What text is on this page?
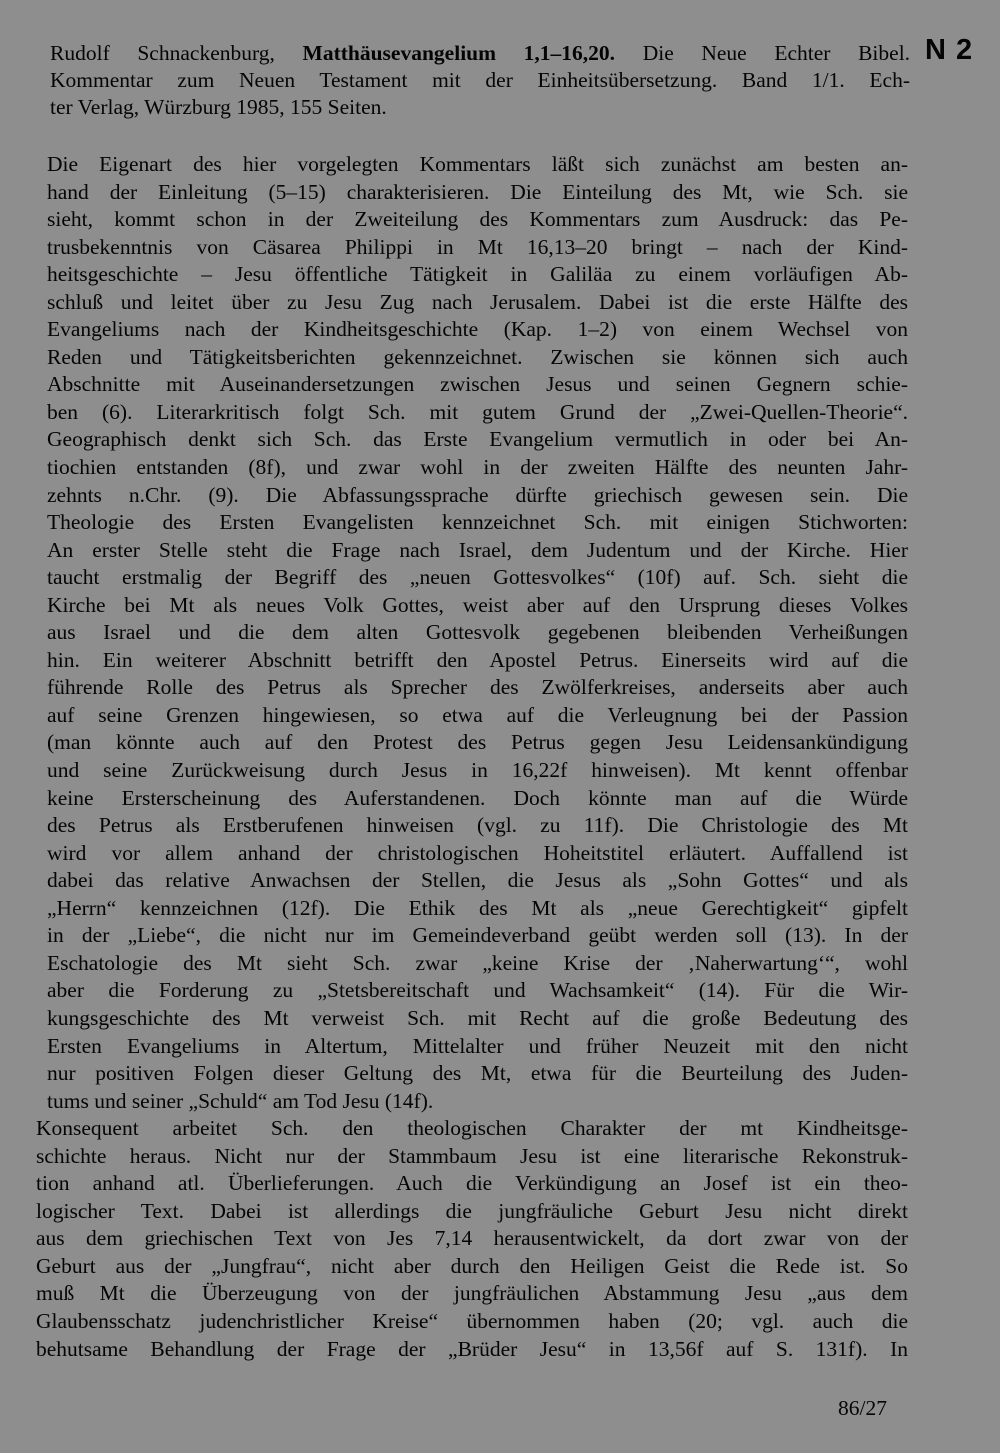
N 2
Rudolf Schnackenburg, Matthäusevangelium 1,1–16,20. Die Neue Echter Bibel.
Kommentar zum Neuen Testament mit der Einheitsübersetzung. Band 1/1. Ech-
ter Verlag, Würzburg 1985, 155 Seiten.
Die Eigenart des hier vorgelegten Kommentars läßt sich zunächst am besten an-
hand der Einleitung (5–15) charakterisieren. Die Einteilung des Mt, wie Sch. sie
sieht, kommt schon in der Zweiteilung des Kommentars zum Ausdruck: das Pe-
trusbekenntnis von Cäsarea Philippi in Mt 16,13–20 bringt – nach der Kind-
heitsgeschichte – Jesu öffentliche Tätigkeit in Galiläa zu einem vorläufigen Ab-
schluß und leitet über zu Jesu Zug nach Jerusalem. Dabei ist die erste Hälfte des
Evangeliums nach der Kindheitsgeschichte (Kap. 1–2) von einem Wechsel von
Reden und Tätigkeitsberichten gekennzeichnet. Zwischen sie können sich auch
Abschnitte mit Auseinandersetzungen zwischen Jesus und seinen Gegnern schie-
ben (6). Literarkritisch folgt Sch. mit gutem Grund der „Zwei-Quellen-Theorie“.
Geographisch denkt sich Sch. das Erste Evangelium vermutlich in oder bei An-
tiochien entstanden (8f), und zwar wohl in der zweiten Hälfte des neunten Jahr-
zehnts n.Chr. (9). Die Abfassungssprache dürfte griechisch gewesen sein. Die
Theologie des Ersten Evangelisten kennzeichnet Sch. mit einigen Stichworten:
An erster Stelle steht die Frage nach Israel, dem Judentum und der Kirche. Hier
taucht erstmalig der Begriff des „neuen Gottesvolkes“ (10f) auf. Sch. sieht die
Kirche bei Mt als neues Volk Gottes, weist aber auf den Ursprung dieses Volkes
aus Israel und die dem alten Gottesvolk gegebenen bleibenden Verheißungen
hin. Ein weiterer Abschnitt betrifft den Apostel Petrus. Einerseits wird auf die
führende Rolle des Petrus als Sprecher des Zwölferkreises, anderseits aber auch
auf seine Grenzen hingewiesen, so etwa auf die Verleugnung bei der Passion
(man könnte auch auf den Protest des Petrus gegen Jesu Leidensankündigung
und seine Zurückweisung durch Jesus in 16,22f hinweisen). Mt kennt offenbar
keine Ersterscheinung des Auferstandenen. Doch könnte man auf die Würde
des Petrus als Erstberufenen hinweisen (vgl. zu 11f). Die Christologie des Mt
wird vor allem anhand der christologischen Hoheitstitel erläutert. Auffallend ist
dabei das relative Anwachsen der Stellen, die Jesus als „Sohn Gottes“ und als
„Herrn“ kennzeichnen (12f). Die Ethik des Mt als „neue Gerechtigkeit“ gipfelt
in der „Liebe“, die nicht nur im Gemeindeverband geübt werden soll (13). In der
Eschatologie des Mt sieht Sch. zwar „keine Krise der ‚Naherwartung‘“, wohl
aber die Forderung zu „Stetsbereitschaft und Wachsamkeit“ (14). Für die Wir-
kungsgeschichte des Mt verweist Sch. mit Recht auf die große Bedeutung des
Ersten Evangeliums in Altertum, Mittelalter und früher Neuzeit mit den nicht
nur positiven Folgen dieser Geltung des Mt, etwa für die Beurteilung des Juden-
tums und seiner „Schuld“ am Tod Jesu (14f).
Konsequent arbeitet Sch. den theologischen Charakter der mt Kindheitsge-
schichte heraus. Nicht nur der Stammbaum Jesu ist eine literarische Rekonstruk-
tion anhand atl. Überlieferungen. Auch die Verkündigung an Josef ist ein theo-
logischer Text. Dabei ist allerdings die jungfräuliche Geburt Jesu nicht direkt
aus dem griechischen Text von Jes 7,14 herausentwickelt, da dort zwar von der
Geburt aus der „Jungfrau“, nicht aber durch den Heiligen Geist die Rede ist. So
muß Mt die Überzeugung von der jungfräulichen Abstammung Jesu „aus dem
Glaubensschatz judenchristlicher Kreise“ übernommen haben (20; vgl. auch die
behutsame Behandlung der Frage der „Brüder Jesu“ in 13,56f auf S. 131f). In
86/27
